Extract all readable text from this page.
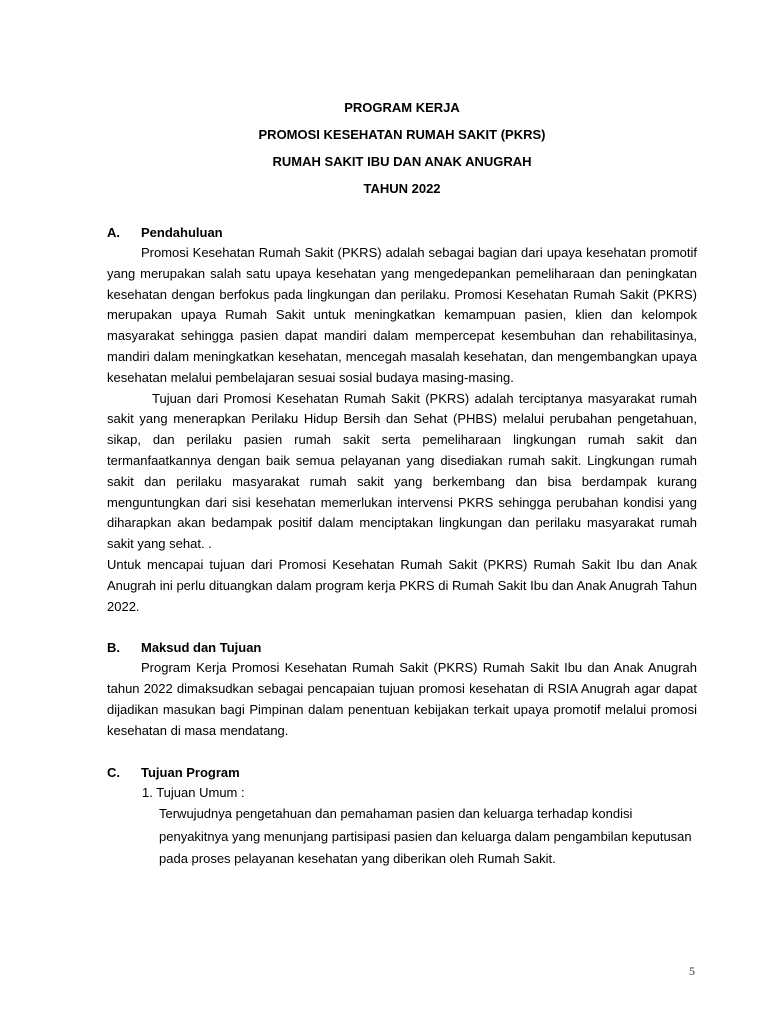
PROGRAM KERJA
PROMOSI KESEHATAN RUMAH SAKIT (PKRS)
RUMAH SAKIT IBU DAN ANAK ANUGRAH
TAHUN 2022
A.	Pendahuluan

Promosi Kesehatan Rumah Sakit (PKRS) adalah sebagai bagian dari upaya kesehatan promotif yang merupakan salah satu upaya kesehatan yang mengedepankan pemeliharaan dan peningkatan kesehatan dengan berfokus pada lingkungan dan perilaku. Promosi Kesehatan Rumah Sakit (PKRS) merupakan upaya Rumah Sakit untuk meningkatkan kemampuan pasien, klien dan kelompok masyarakat sehingga pasien dapat mandiri dalam mempercepat kesembuhan dan rehabilitasinya, mandiri dalam meningkatkan kesehatan, mencegah masalah kesehatan, dan mengembangkan upaya kesehatan melalui pembelajaran sesuai sosial budaya masing-masing.

Tujuan dari Promosi Kesehatan Rumah Sakit (PKRS) adalah terciptanya masyarakat rumah sakit yang menerapkan Perilaku Hidup Bersih dan Sehat (PHBS) melalui perubahan pengetahuan, sikap, dan perilaku pasien rumah sakit serta pemeliharaan lingkungan rumah sakit dan termanfaatkannya dengan baik semua pelayanan yang disediakan rumah sakit. Lingkungan rumah sakit dan perilaku masyarakat rumah sakit yang berkembang dan bisa berdampak kurang menguntungkan dari sisi kesehatan memerlukan intervensi PKRS sehingga perubahan kondisi yang diharapkan akan bedampak positif dalam menciptakan lingkungan dan perilaku masyarakat rumah sakit yang sehat. .

Untuk mencapai tujuan dari Promosi Kesehatan Rumah Sakit (PKRS) Rumah Sakit Ibu dan Anak Anugrah ini perlu dituangkan dalam program kerja PKRS di Rumah Sakit Ibu dan Anak Anugrah Tahun 2022.

B.	Maksud dan Tujuan

Program Kerja Promosi Kesehatan Rumah Sakit (PKRS) Rumah Sakit Ibu dan Anak Anugrah tahun 2022 dimaksudkan sebagai pencapaian tujuan promosi kesehatan di RSIA Anugrah agar dapat dijadikan masukan bagi Pimpinan dalam penentuan kebijakan terkait upaya promotif melalui promosi kesehatan di masa mendatang.

C.	Tujuan Program
1. Tujuan Umum :
Terwujudnya pengetahuan dan pemahaman pasien dan keluarga terhadap kondisi penyakitnya yang menunjang partisipasi pasien dan keluarga dalam pengambilan keputusan pada proses pelayanan kesehatan yang diberikan oleh Rumah Sakit.
5
